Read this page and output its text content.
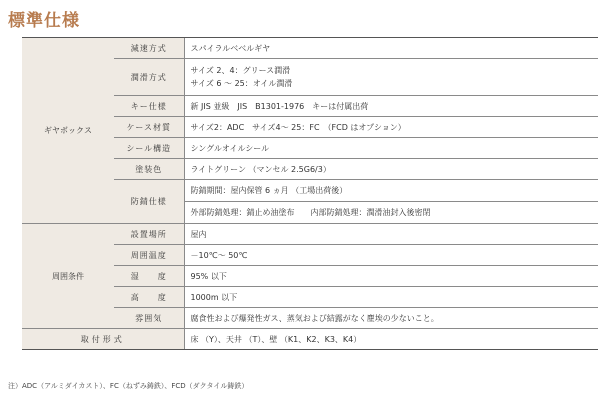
標準仕様
ギヤボックス	減速方式	スパイラルベベルギヤ
	潤滑方式	サイズ 2、4：グリース潤滑
サイズ 6 ～ 25：オイル潤滑

	キー仕様	新 JIS 並級　JIS　B1301-1976　キーは付属出荷
	ケース材質	サイズ2：ADC　サイズ4～ 25：FC　（FCD はオプション）
	シール構造	シングルオイルシール
	塗装色	ライトグリーン （マンセル 2.5G6/3）
	防錆仕様	防錆期間：屋内保管 6 ヵ月 （工場出荷後）
		外部防錆処理：錆止め油塗布　　内部防錆処理：潤滑油封入後密閉
周囲条件	設置場所	屋内
	周囲温度	－10℃～ 50℃
	湿　　度	95% 以下
	高　　度	1000m 以下
	雰囲気	腐食性および爆発性ガス、蒸気および結露がなく塵埃の少ないこと。
取付形式		床 （Y）、天井 （T）、壁 （K1、K2、K3、K4）
注）ADC（アルミダイカスト）、FC（ねずみ鋳鉄）、FCD（ダクタイル鋳鉄）
